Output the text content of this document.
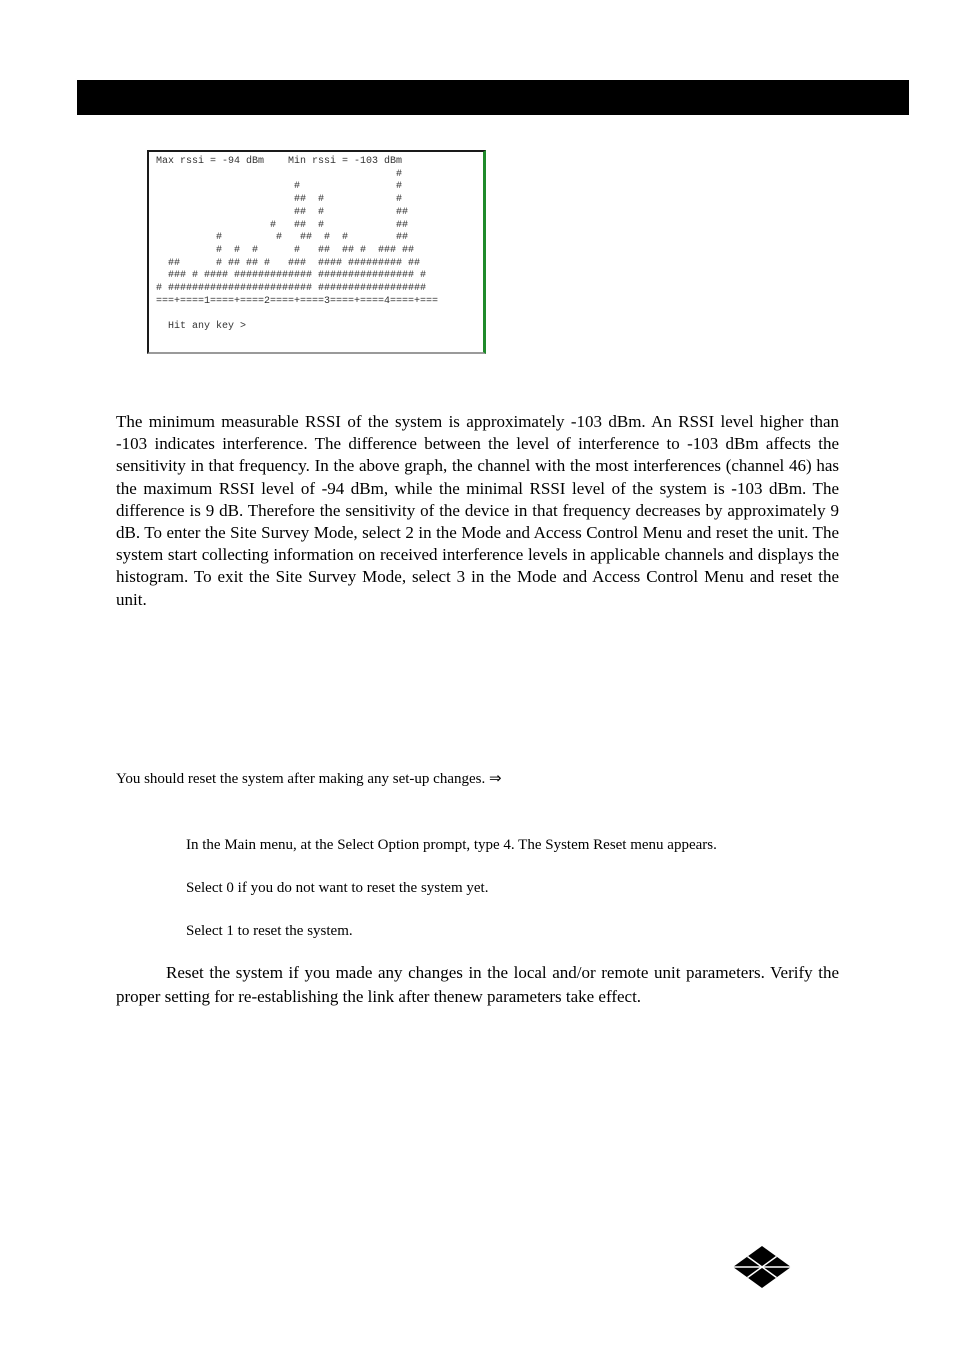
Max rssi = -94 dBm    Min rssi = -103 dBm
#
#                #
##  #            #
##  #            ##
#   ##  #            ##
#         #   ##  #  #        ##
#  #  #      #   ##  ## #  ### ##
##      # ## ## #   ###  #### ######### ##
### # #### ############# ################ #
# ######################## ##################
===+====1====+====2====+====3====+====4====+===

Hit any key >

The minimum measurable RSSI of the system is approximately -103 dBm. An RSSI level higher than -103 indicates interference. The difference between the level of interference to -103 dBm affects the sensitivity in that frequency. In the above graph, the channel with the most interferences (channel 46) has the maximum RSSI level of -94 dBm, while the minimal RSSI level of the system is -103 dBm. The difference is 9 dB. Therefore the sensitivity of the device in that frequency decreases by approximately 9 dB. To enter the Site Survey Mode, select 2 in the Mode and Access Control Menu and reset the unit. The system start collecting information on received interference levels in applicable channels and displays the histogram. To exit the Site Survey Mode, select 3 in the Mode and Access Control Menu and reset the unit.

You should reset the system after making any set-up changes. ⇒

In the Main menu, at the Select Option prompt, type 4. The System Reset menu appears.

Select 0 if you do not want to reset the system yet.

Select 1 to reset the system.

Reset the system if you made any changes in the local and/or remote unit parameters. Verify the proper setting for re-establishing the link after thenew parameters take effect.
